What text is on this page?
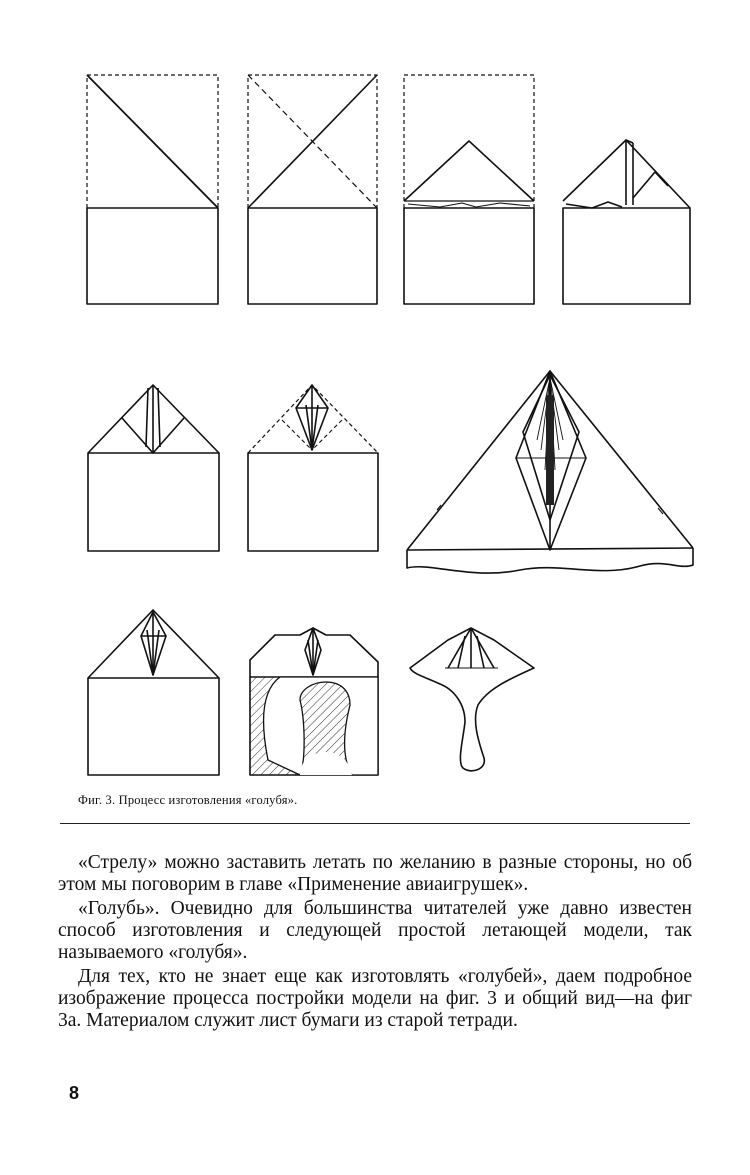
Фиг. 3. Процесс изготовления «голубя».

«Стрелу» можно заставить летать по желанию в разные стороны, но об этом мы поговорим в главе «Применение авиаигрушек».

«Голубь». Очевидно для большинства читателей уже давно известен способ изготовления и следующей простой летающей модели, так называемого «голубя».

Для тех, кто не знает еще как изготовлять «голубей», даем подробное изображение процесса постройки модели на фиг. 3 и общий вид—на фиг 3а. Материалом служит лист бумаги из старой тетради.

8
